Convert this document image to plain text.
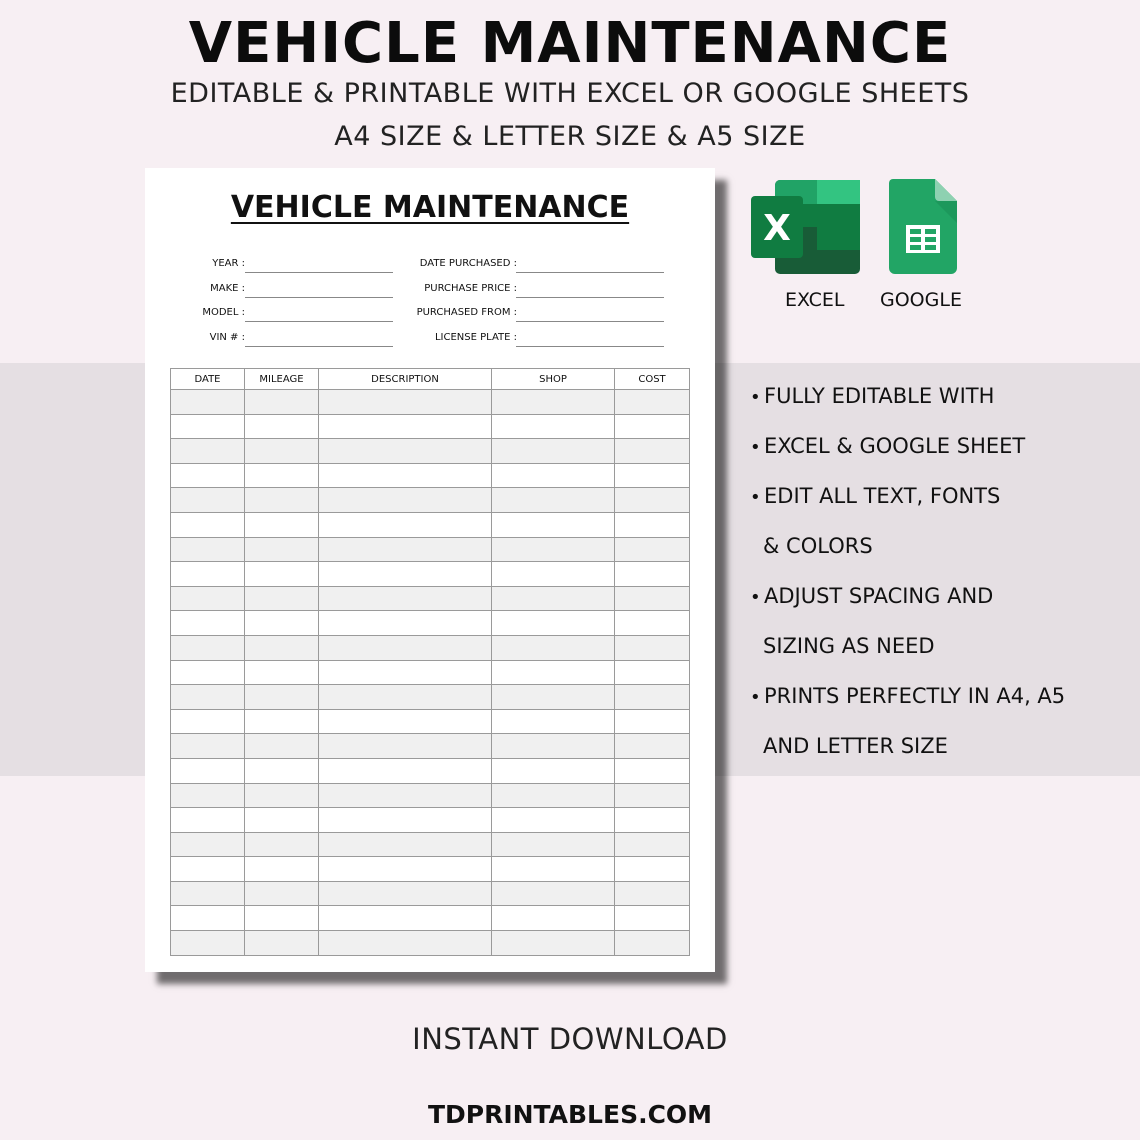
VEHICLE MAINTENANCE
EDITABLE & PRINTABLE WITH EXCEL OR GOOGLE SHEETS
A4 SIZE & LETTER SIZE & A5 SIZE
VEHICLE MAINTENANCE
YEAR :
MAKE :
MODEL :
VIN # :
DATE PURCHASED :
PURCHASE PRICE :
PURCHASED FROM :
LICENSE PLATE :
DATE	MILEAGE	DESCRIPTION	SHOP	COST

X
EXCEL GOOGLE
• FULLY EDITABLE WITH
• EXCEL & GOOGLE SHEET
• EDIT ALL TEXT, FONTS
& COLORS
• ADJUST SPACING AND
SIZING AS NEED
• PRINTS PERFECTLY IN A4, A5
AND LETTER SIZE
INSTANT DOWNLOAD
TDPRINTABLES.COM
